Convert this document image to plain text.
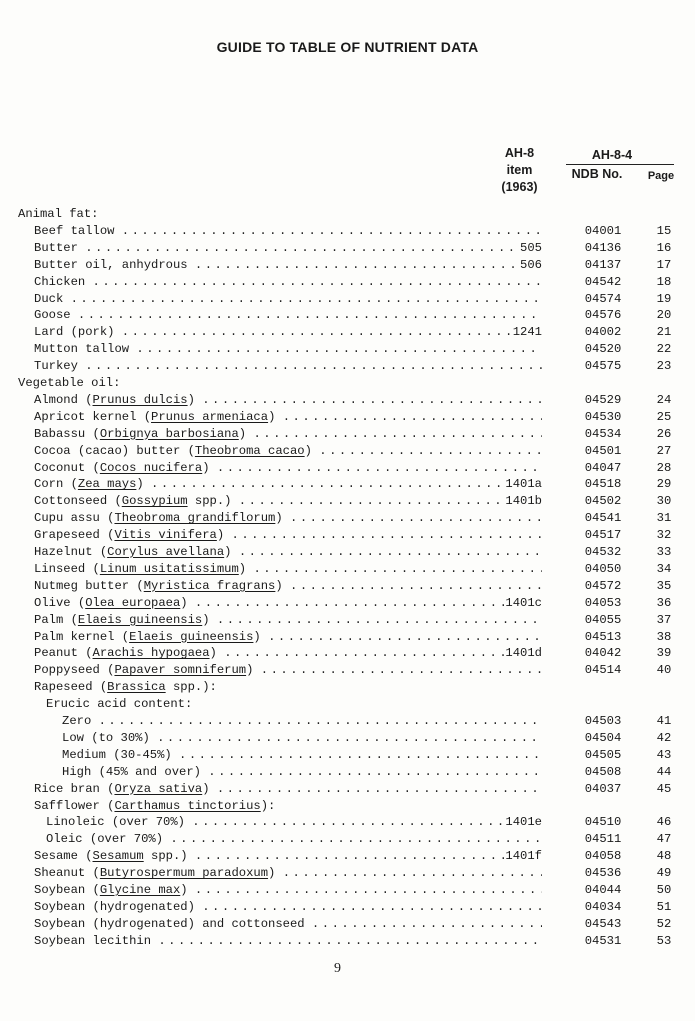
GUIDE TO TABLE OF NUTRIENT DATA
AH-8
item
(1963)
AH-8-4
NDB No.	Page
Animal fat:
Beef tallow . . .	04001	15
Butter . . .	505	04136	16
Butter oil, anhydrous . . .	506	04137	17
Chicken . . .	04542	18
Duck . . .	04574	19
Goose . . .	04576	20
Lard (pork) . . .	1241	04002	21
Mutton tallow . . .	04520	22
Turkey . . .	04575	23
Vegetable oil:
Almond (Prunus dulcis) . . .	04529	24
Apricot kernel (Prunus armeniaca) . . .	04530	25
Babassu (Orbignya barbosiana) . . .	04534	26
Cocoa (cacao) butter (Theobroma cacao) . . .	04501	27
Coconut (Cocos nucifera) . . .	04047	28
Corn (Zea mays) . . .	1401a	04518	29
Cottonseed (Gossypium spp.) . . .	1401b	04502	30
Cupu assu (Theobroma grandiflorum) . . .	04541	31
Grapeseed (Vitis vinifera) . . .	04517	32
Hazelnut (Corylus avellana) . . .	04532	33
Linseed (Linum usitatissimum) . . .	04050	34
Nutmeg butter (Myristica fragrans) . . .	04572	35
Olive (Olea europaea) . . .	1401c	04053	36
Palm (Elaeis guineensis) . . .	04055	37
Palm kernel (Elaeis guineensis) . . .	04513	38
Peanut (Arachis hypogaea) . . .	1401d	04042	39
Poppyseed (Papaver somniferum) . . .	04514	40
Rapeseed (Brassica spp.):
Erucic acid content:
Zero . . .	04503	41
Low (to 30%) . . .	04504	42
Medium (30-45%) . . .	04505	43
High (45% and over) . . .	04508	44
Rice bran (Oryza sativa) . . .	04037	45
Safflower (Carthamus tinctorius):
Linoleic (over 70%) . . .	1401e	04510	46
Oleic (over 70%) . . .	04511	47
Sesame (Sesamum spp.) . . .	1401f	04058	48
Sheanut (Butyrospermum paradoxum) . . .	04536	49
Soybean (Glycine max) . . .	04044	50
Soybean (hydrogenated) . . .	04034	51
Soybean (hydrogenated) and cottonseed . . .	04543	52
Soybean lecithin . . .	04531	53
9
